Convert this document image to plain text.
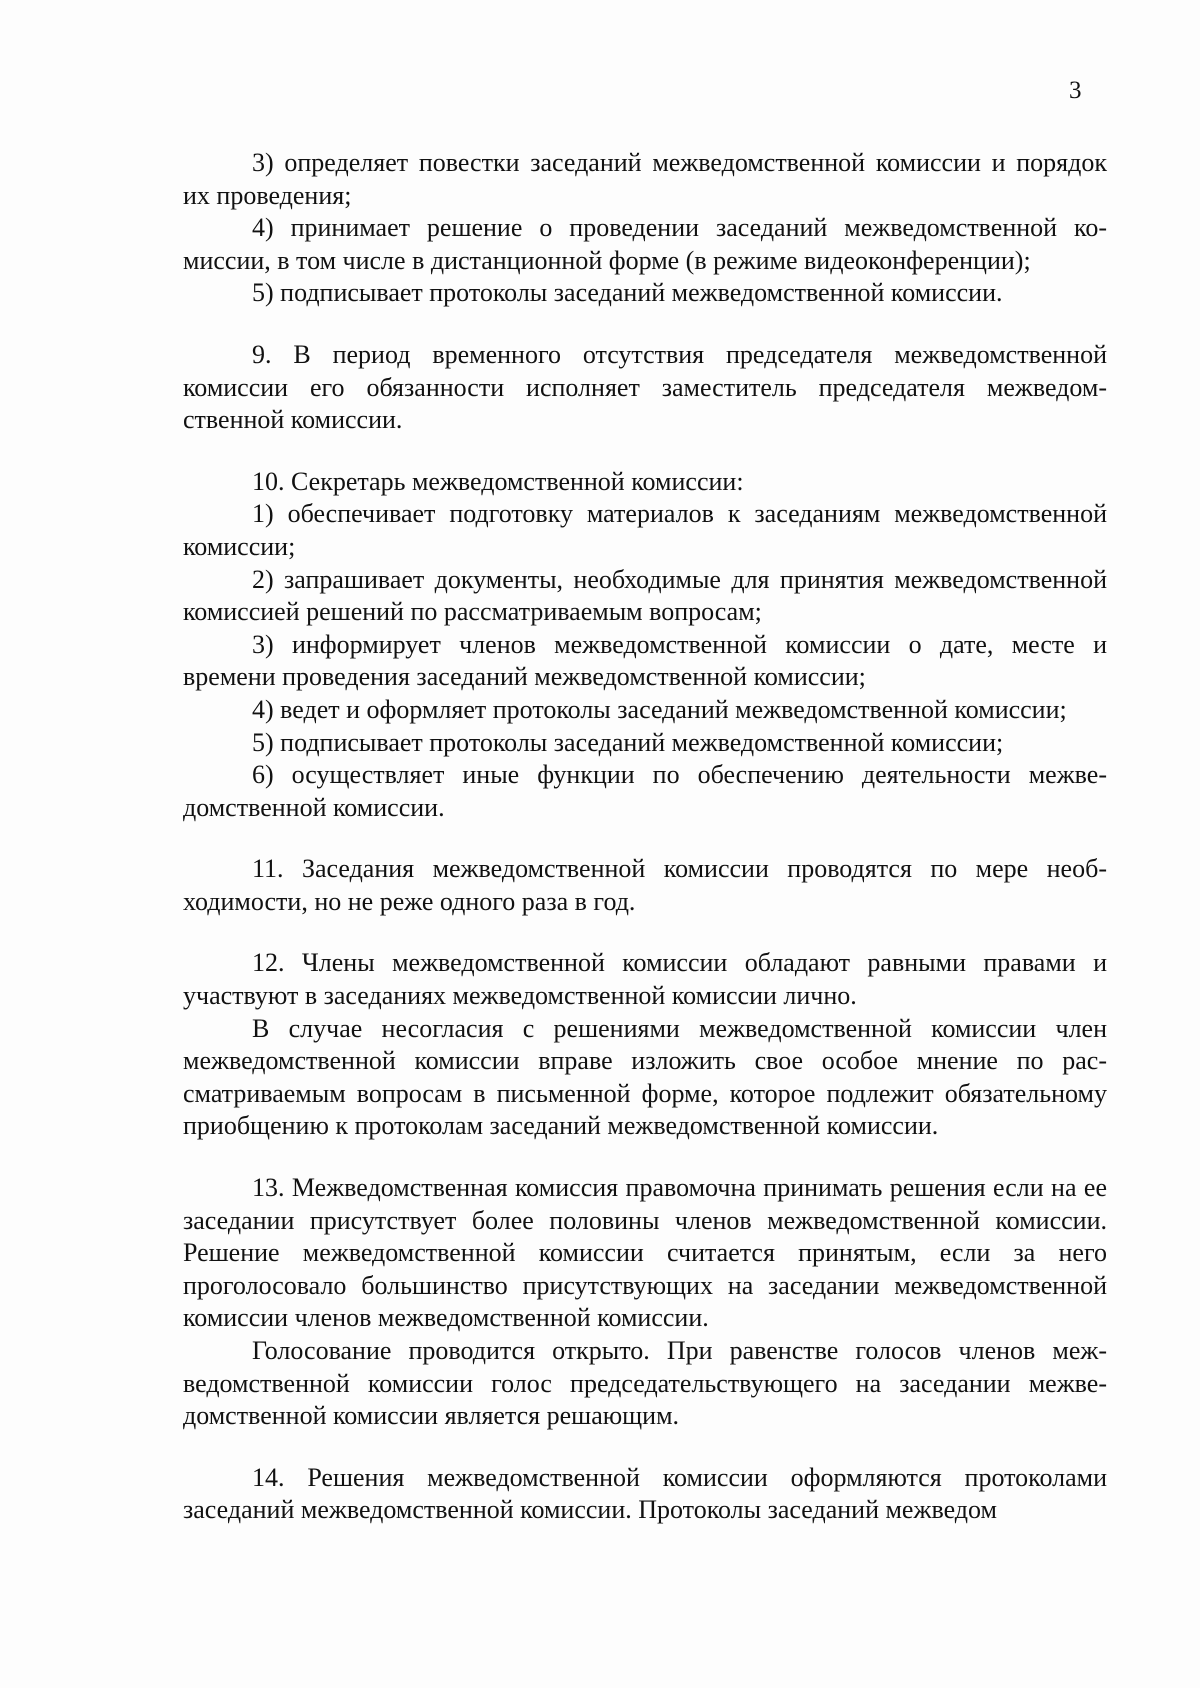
3

3) определяет повестки заседаний межведомственной комиссии и порядок их проведения;

4) принимает решение о проведении заседаний межведомственной комиссии, в том числе в дистанционной форме (в режиме видеоконференции);

5) подписывает протоколы заседаний межведомственной комиссии.

9. В период временного отсутствия председателя межведомственной комиссии его обязанности исполняет заместитель председателя межведомственной комиссии.

10. Секретарь межведомственной комиссии:

1) обеспечивает подготовку материалов к заседаниям межведомственной комиссии;

2) запрашивает документы, необходимые для принятия межведомственной комиссией решений по рассматриваемым вопросам;

3) информирует членов межведомственной комиссии о дате, месте и времени проведения заседаний межведомственной комиссии;

4) ведет и оформляет протоколы заседаний межведомственной комиссии;

5) подписывает протоколы заседаний межведомственной комиссии;

6) осуществляет иные функции по обеспечению деятельности межведомственной комиссии.

11. Заседания межведомственной комиссии проводятся по мере необходимости, но не реже одного раза в год.

12. Члены межведомственной комиссии обладают равными правами и участвуют в заседаниях межведомственной комиссии лично.

В случае несогласия с решениями межведомственной комиссии член межведомственной комиссии вправе изложить свое особое мнение по рассматриваемым вопросам в письменной форме, которое подлежит обязательному приобщению к протоколам заседаний межведомственной комиссии.

13. Межведомственная комиссия правомочна принимать решения если на ее заседании присутствует более половины членов межведомственной комиссии. Решение межведомственной комиссии считается принятым, если за него проголосовало большинство присутствующих на заседании межведомственной комиссии членов межведомственной комиссии.

Голосование проводится открыто. При равенстве голосов членов межведомственной комиссии голос председательствующего на заседании межведомственной комиссии является решающим.

14. Решения межведомственной комиссии оформляются протоколами заседаний межведомственной комиссии. Протоколы заседаний межведом
